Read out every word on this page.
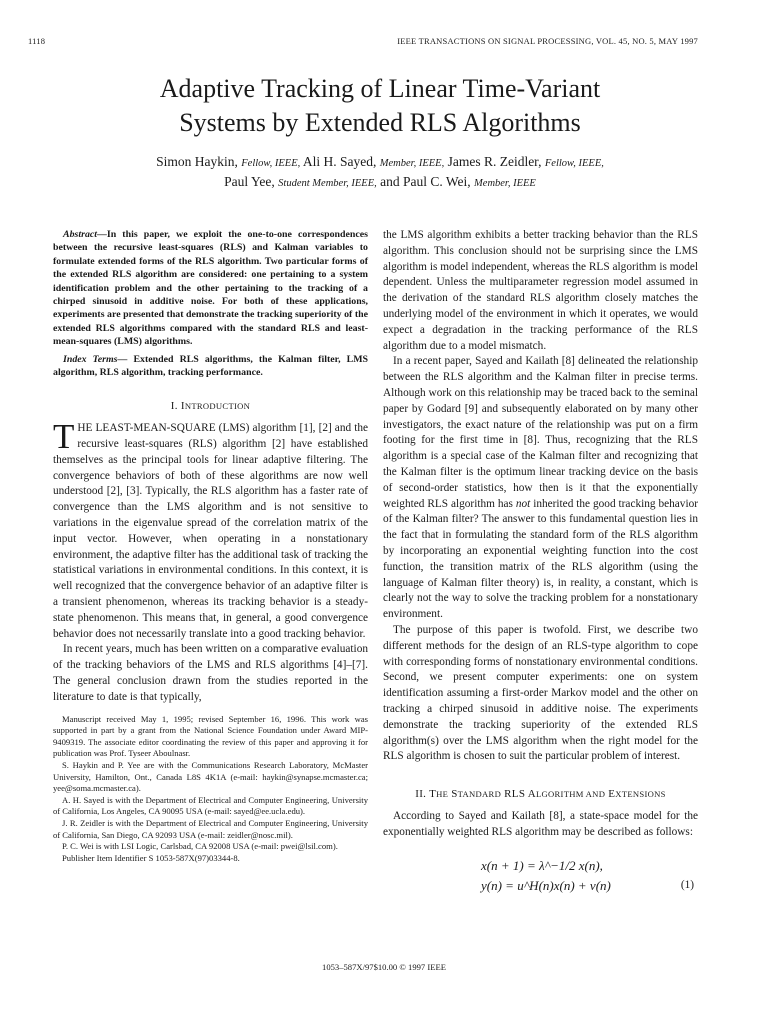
1118	IEEE TRANSACTIONS ON SIGNAL PROCESSING, VOL. 45, NO. 5, MAY 1997
Adaptive Tracking of Linear Time-Variant
Systems by Extended RLS Algorithms
Simon Haykin, Fellow, IEEE, Ali H. Sayed, Member, IEEE, James R. Zeidler, Fellow, IEEE,
Paul Yee, Student Member, IEEE, and Paul C. Wei, Member, IEEE

Abstract—In this paper, we exploit the one-to-one correspondences between the recursive least-squares (RLS) and Kalman variables to formulate extended forms of the RLS algorithm. Two particular forms of the extended RLS algorithm are considered: one pertaining to a system identification problem and the other pertaining to the tracking of a chirped sinusoid in additive noise. For both of these applications, experiments are presented that demonstrate the tracking superiority of the extended RLS algorithms compared with the standard RLS and least-mean-squares (LMS) algorithms.

Index Terms— Extended RLS algorithms, the Kalman filter, LMS algorithm, RLS algorithm, tracking performance.

I. INTRODUCTION

THE LEAST-MEAN-SQUARE (LMS) algorithm [1], [2] and the recursive least-squares (RLS) algorithm [2] have established themselves as the principal tools for linear adaptive filtering. The convergence behaviors of both of these algorithms are now well understood [2], [3]. Typically, the RLS algorithm has a faster rate of convergence than the LMS algorithm and is not sensitive to variations in the eigenvalue spread of the correlation matrix of the input vector. However, when operating in a nonstationary environment, the adaptive filter has the additional task of tracking the statistical variations in environmental conditions. In this context, it is well recognized that the convergence behavior of an adaptive filter is a transient phenomenon, whereas its tracking behavior is a steady-state phenomenon. This means that, in general, a good convergence behavior does not necessarily translate into a good tracking behavior.

In recent years, much has been written on a comparative evaluation of the tracking behaviors of the LMS and RLS algorithms [4]–[7]. The general conclusion drawn from the studies reported in the literature to date is that typically,

Manuscript received May 1, 1995; revised September 16, 1996. This work was supported in part by a grant from the National Science Foundation under Award MIP-9409319. The associate editor coordinating the review of this paper and approving it for publication was Prof. Tyseer Aboulnasr.

S. Haykin and P. Yee are with the Communications Research Laboratory, McMaster University, Hamilton, Ont., Canada L8S 4K1A (e-mail: haykin@synapse.mcmaster.ca; yee@soma.mcmaster.ca).

A. H. Sayed is with the Department of Electrical and Computer Engineering, University of California, Los Angeles, CA 90095 USA (e-mail: sayed@ee.ucla.edu).

J. R. Zeidler is with the Department of Electrical and Computer Engineering, University of California, San Diego, CA 92093 USA (e-mail: zeidler@nosc.mil).

P. C. Wei is with LSI Logic, Carlsbad, CA 92008 USA (e-mail: pwei@lsil.com).

Publisher Item Identifier S 1053-587X(97)03344-8.

the LMS algorithm exhibits a better tracking behavior than the RLS algorithm. This conclusion should not be surprising since the LMS algorithm is model independent, whereas the RLS algorithm is model dependent. Unless the multiparameter regression model assumed in the derivation of the standard RLS algorithm closely matches the underlying model of the environment in which it operates, we would expect a degradation in the tracking performance of the RLS algorithm due to a model mismatch.

In a recent paper, Sayed and Kailath [8] delineated the relationship between the RLS algorithm and the Kalman filter in precise terms. Although work on this relationship may be traced back to the seminal paper by Godard [9] and subsequently elaborated on by many other investigators, the exact nature of the relationship was put on a firm footing for the first time in [8]. Thus, recognizing that the RLS algorithm is a special case of the Kalman filter and recognizing that the Kalman filter is the optimum linear tracking device on the basis of second-order statistics, how then is it that the exponentially weighted RLS algorithm has not inherited the good tracking behavior of the Kalman filter? The answer to this fundamental question lies in the fact that in formulating the standard form of the RLS algorithm by incorporating an exponential weighting function into the cost function, the transition matrix of the RLS algorithm (using the language of Kalman filter theory) is, in reality, a constant, which is clearly not the way to solve the tracking problem for a nonstationary environment.

The purpose of this paper is twofold. First, we describe two different methods for the design of an RLS-type algorithm to cope with corresponding forms of nonstationary environmental conditions. Second, we present computer experiments: one on system identification assuming a first-order Markov model and the other on tracking a chirped sinusoid in additive noise. The experiments demonstrate the tracking superiority of the extended RLS algorithm(s) over the LMS algorithm when the right model for the RLS algorithm is chosen to suit the particular problem of interest.

II. THE STANDARD RLS ALGORITHM AND EXTENSIONS

According to Sayed and Kailath [8], a state-space model for the exponentially weighted RLS algorithm may be described as follows:

x(n + 1) = λ^−1/2 x(n),
y(n) = u^H(n)x(n) + v(n)	(1)
1053–587X/97$10.00 © 1997 IEEE
